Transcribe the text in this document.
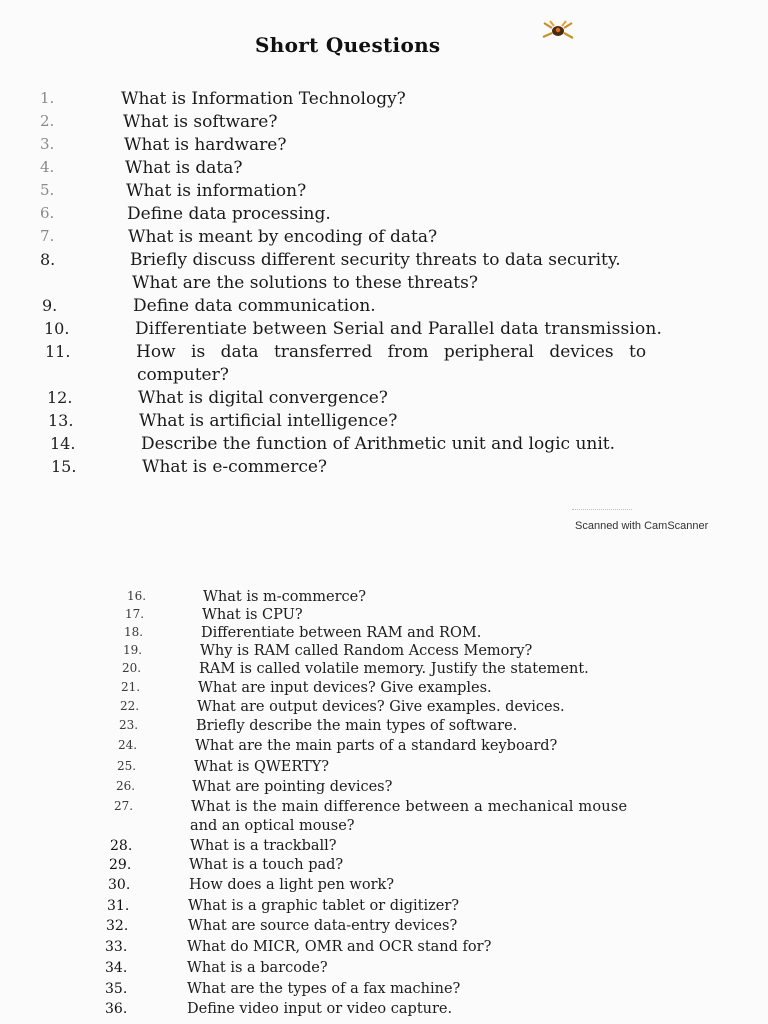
Short Questions
1.	What is Information Technology?
2.	What is software?
3.	What is hardware?
4.	What is data?
5.	What is information?
6.	Define data processing.
7.	What is meant by encoding of data?
8.	Briefly discuss different security threats to data security.
What are the solutions to these threats?
9.	Define data communication.
10.	Differentiate between Serial and Parallel data transmission.
11.	How is data transferred from peripheral devices to
computer?
12.	What is digital convergence?
13.	What is artificial intelligence?
14.	Describe the function of Arithmetic unit and logic unit.
15.	What is e-commerce?
Scanned with CamScanner
16.	What is m-commerce?
17.	What is CPU?
18.	Differentiate between RAM and ROM.
19.	Why is RAM called Random Access Memory?
20.	RAM is called volatile memory. Justify the statement.
21.	What are input devices? Give examples.
22.	What are output devices? Give examples. devices.
23.	Briefly describe the main types of software.
24.	What are the main parts of a standard keyboard?
25.	What is QWERTY?
26.	What are pointing devices?
27.	What is the main difference between a mechanical mouse
and an optical mouse?
28.	What is a trackball?
29.	What is a touch pad?
30.	How does a light pen work?
31.	What is a graphic tablet or digitizer?
32.	What are source data-entry devices?
33.	What do MICR, OMR and OCR stand for?
34.	What is a barcode?
35.	What are the types of a fax machine?
36.	Define video input or video capture.
